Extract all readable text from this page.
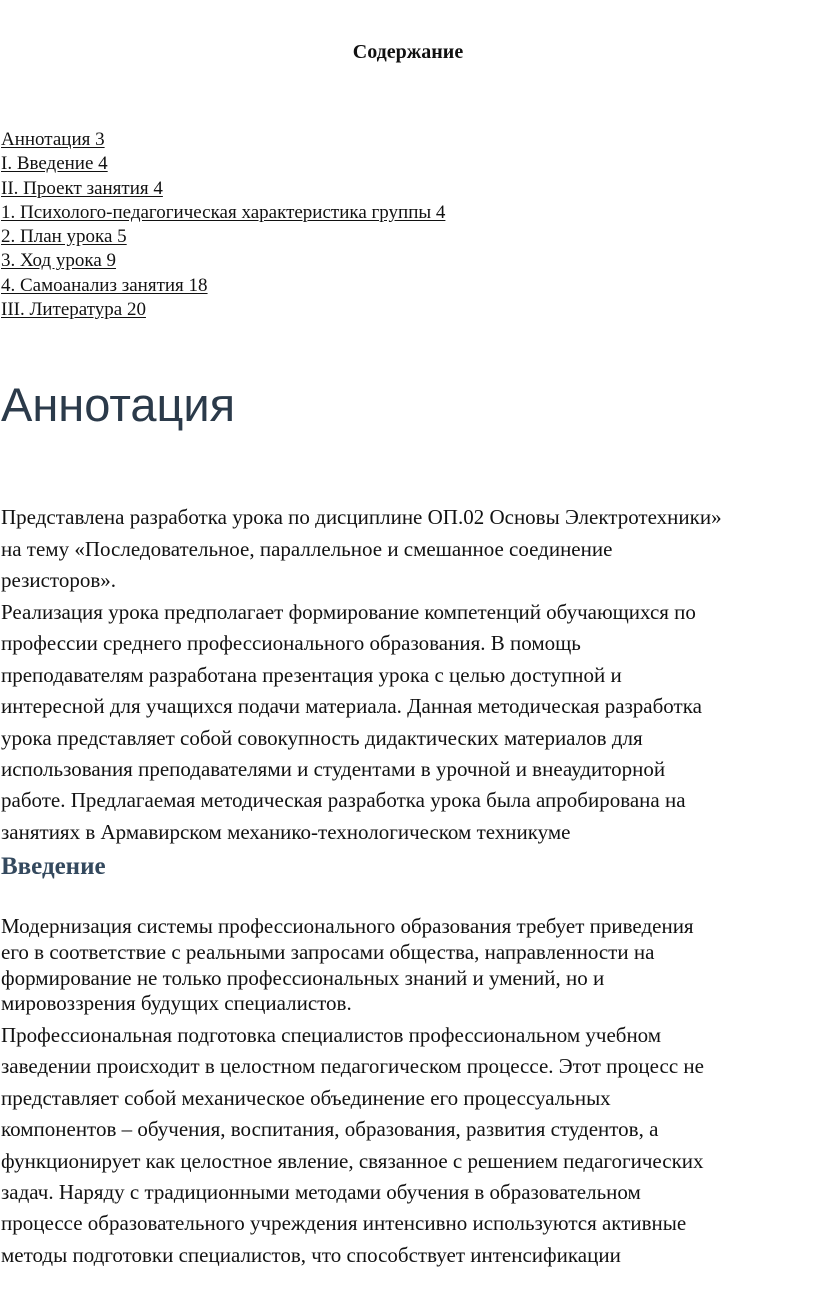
Содержание
Аннотация 3
I. Введение 4
II. Проект занятия 4
1. Психолого-педагогическая характеристика группы 4
2. План урока 5
3. Ход урока 9
4. Самоанализ занятия 18
III. Литература 20
Аннотация

Представлена разработка урока по дисциплине ОП.02 Основы Электротехники»
на тему «Последовательное, параллельное и смешанное соединение
резисторов».

Реализация урока предполагает формирование компетенций обучающихся по
профессии среднего профессионального образования. В помощь
преподавателям разработана презентация урока с целью доступной и
интересной для учащихся подачи материала. Данная методическая разработка
урока представляет собой совокупность дидактических материалов для
использования преподавателями и студентами в урочной и внеаудиторной
работе. Предлагаемая методическая разработка урока была апробирована на
занятиях в Армавирском механико-технологическом техникуме

Введение

Модернизация системы профессионального образования требует приведения
его в соответствие с реальными запросами общества, направленности на
формирование не только профессиональных знаний и умений, но и
мировоззрения будущих специалистов.

Профессиональная подготовка специалистов профессиональном учебном
заведении происходит в целостном педагогическом процессе. Этот процесс не
представляет собой механическое объединение его процессуальных
компонентов – обучения, воспитания, образования, развития студентов, а
функционирует как целостное явление, связанное с решением педагогических
задач. Наряду с традиционными методами обучения в образовательном
процессе образовательного учреждения интенсивно используются активные
методы подготовки специалистов, что способствует интенсификации
